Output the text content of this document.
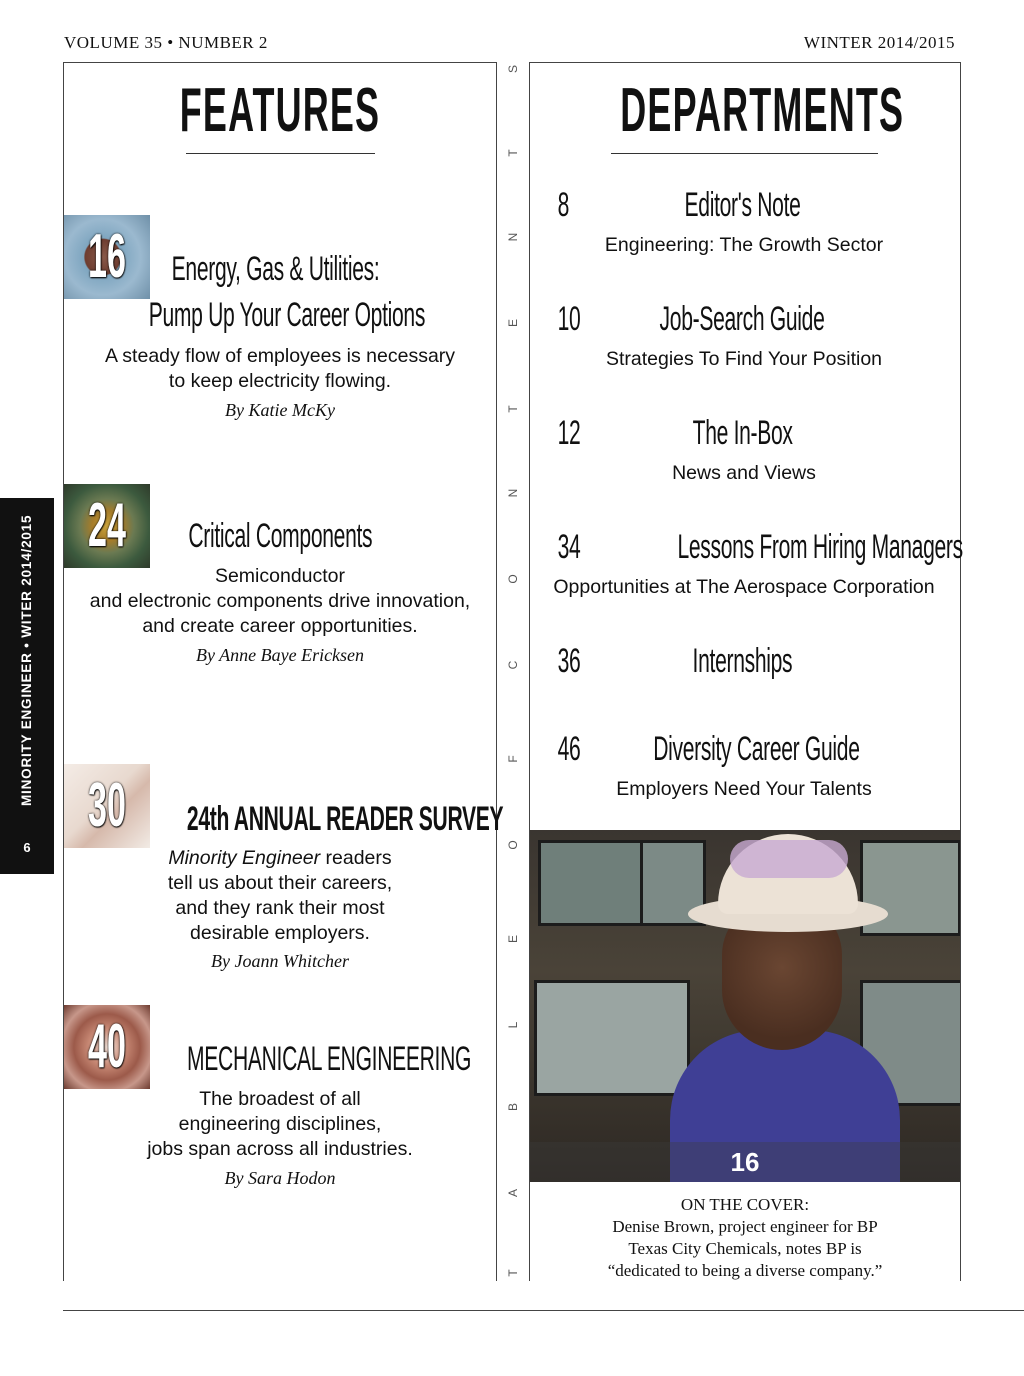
VOLUME 35 • NUMBER 2	WINTER 2014/2015
MINORITY ENGINEER • WITER 2014/2015
6
S
T
N
E
T
N
O
C
F
O
E
L
B
A
T
FEATURES
16	Energy, Gas & Utilities:
Pump Up Your Career Options
A steady flow of employees is necessary
to keep electricity flowing.
By Katie McKy
24	Critical Components
Semiconductor
and electronic components drive innovation,
and create career opportunities.
By Anne Baye Ericksen
30	24th ANNUAL READER SURVEY
Minority Engineer readers
tell us about their careers,
and they rank their most
desirable employers.
By Joann Whitcher
40	MECHANICAL ENGINEERING
The broadest of all
engineering disciplines,
jobs span across all industries.
By Sara Hodon
DEPARTMENTS
8	Editor's Note
Engineering: The Growth Sector
10	Job-Search Guide
Strategies To Find Your Position
12	The In-Box
News and Views
34	Lessons From Hiring Managers
Opportunities at The Aerospace Corporation
36	Internships
46	Diversity Career Guide
Employers Need Your Talents
16
ON THE COVER:
Denise Brown, project engineer for BP
Texas City Chemicals, notes BP is
“dedicated to being a diverse company.”
